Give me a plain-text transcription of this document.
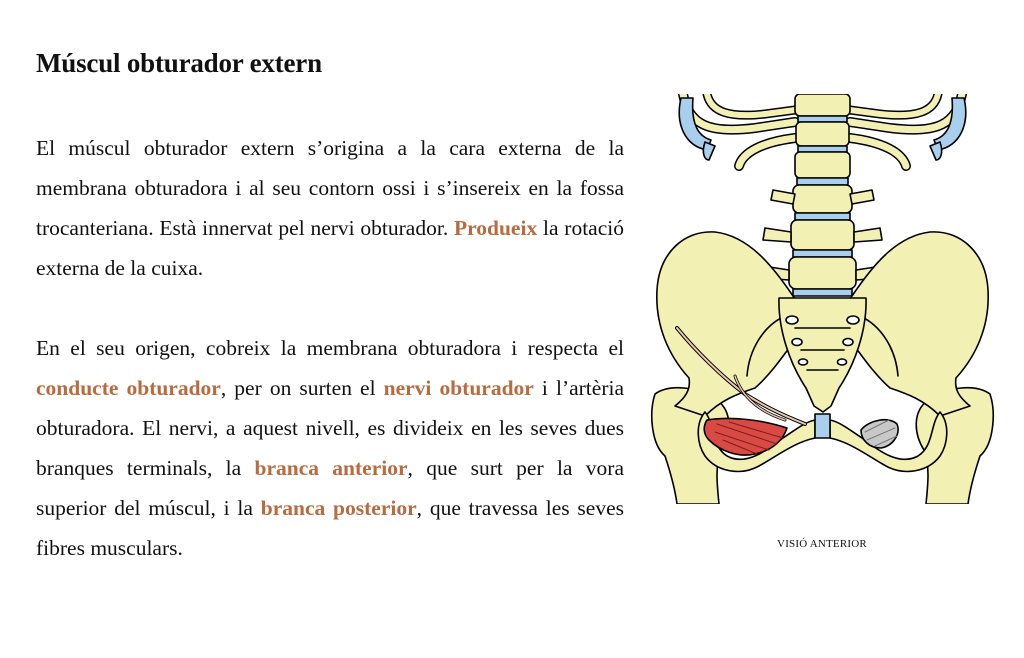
Múscul obturador extern

El múscul obturador extern s’origina a la cara externa de la membrana obturadora i al seu contorn ossi i s’insereix en la fossa trocanteriana. Està innervat pel nervi obturador. Produeix la rotació externa de la cuixa.

En el seu origen, cobreix la membrana obturadora i respecta el conducte obturador, per on surten el nervi obturador i l’artèria obturadora. El nervi, a aquest nivell, es divideix en les seves dues branques terminals, la branca anterior, que surt per la vora superior del múscul, i la branca posterior, que travessa les seves fibres musculars.	VISIÓ ANTERIOR
